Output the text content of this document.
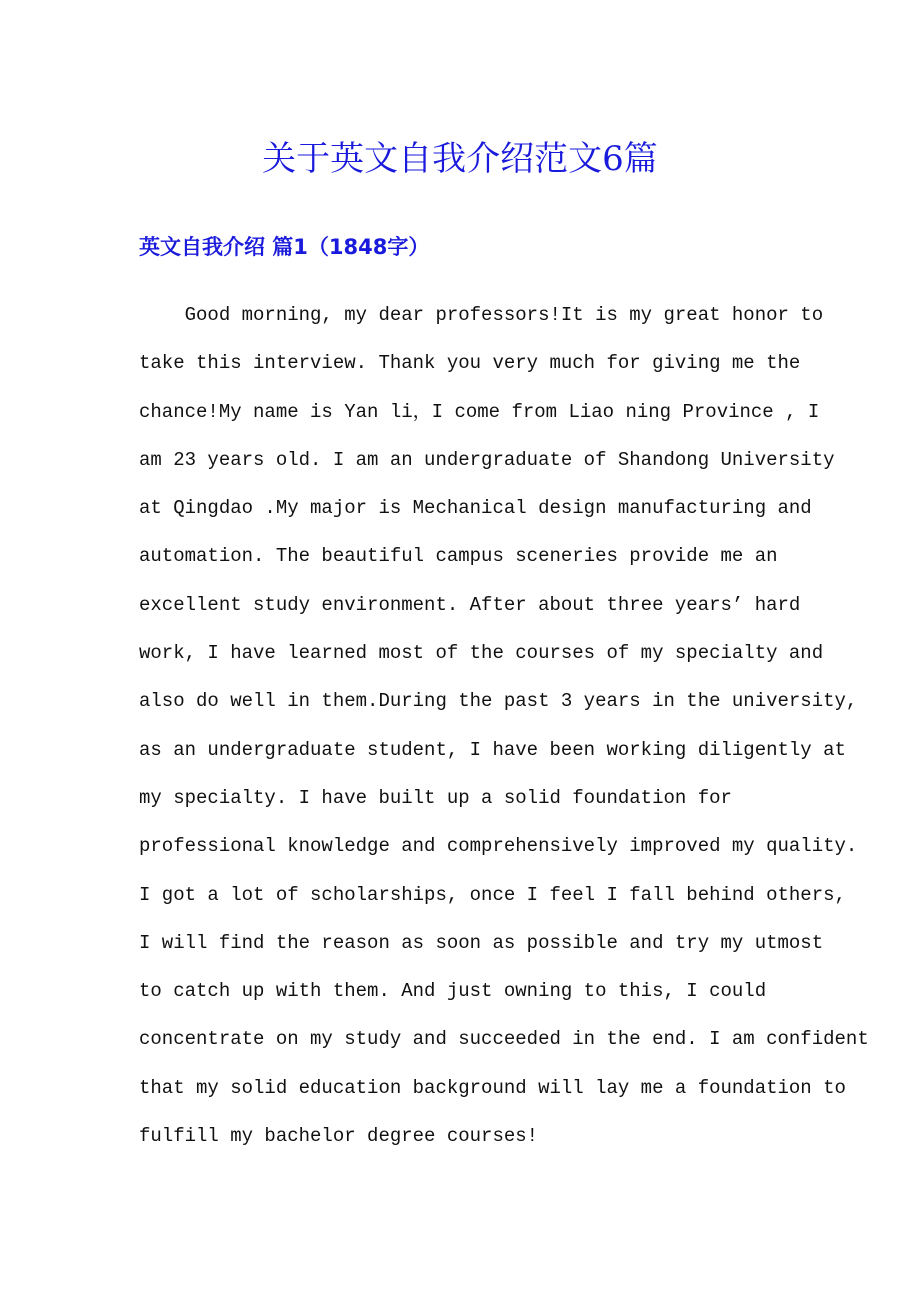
关于英文自我介绍范文6篇
英文自我介绍 篇1（1848字）
Good morning, my dear professors!It is my great honor to
take this interview. Thank you very much for giving me the
chance!My name is Yan li，I come from Liao ning Province , I
am 23 years old. I am an undergraduate of Shandong University
at Qingdao .My major is Mechanical design manufacturing and
automation. The beautiful campus sceneries provide me an
excellent study environment. After about three years’ hard
work, I have learned most of the courses of my specialty and
also do well in them.During the past 3 years in the university,
as an undergraduate student, I have been working diligently at
my specialty. I have built up a solid foundation for
professional knowledge and comprehensively improved my quality.
I got a lot of scholarships, once I feel I fall behind others,
I will find the reason as soon as possible and try my utmost
to catch up with them. And just owning to this, I could
concentrate on my study and succeeded in the end. I am confident
that my solid education background will lay me a foundation to
fulfill my bachelor degree courses!
